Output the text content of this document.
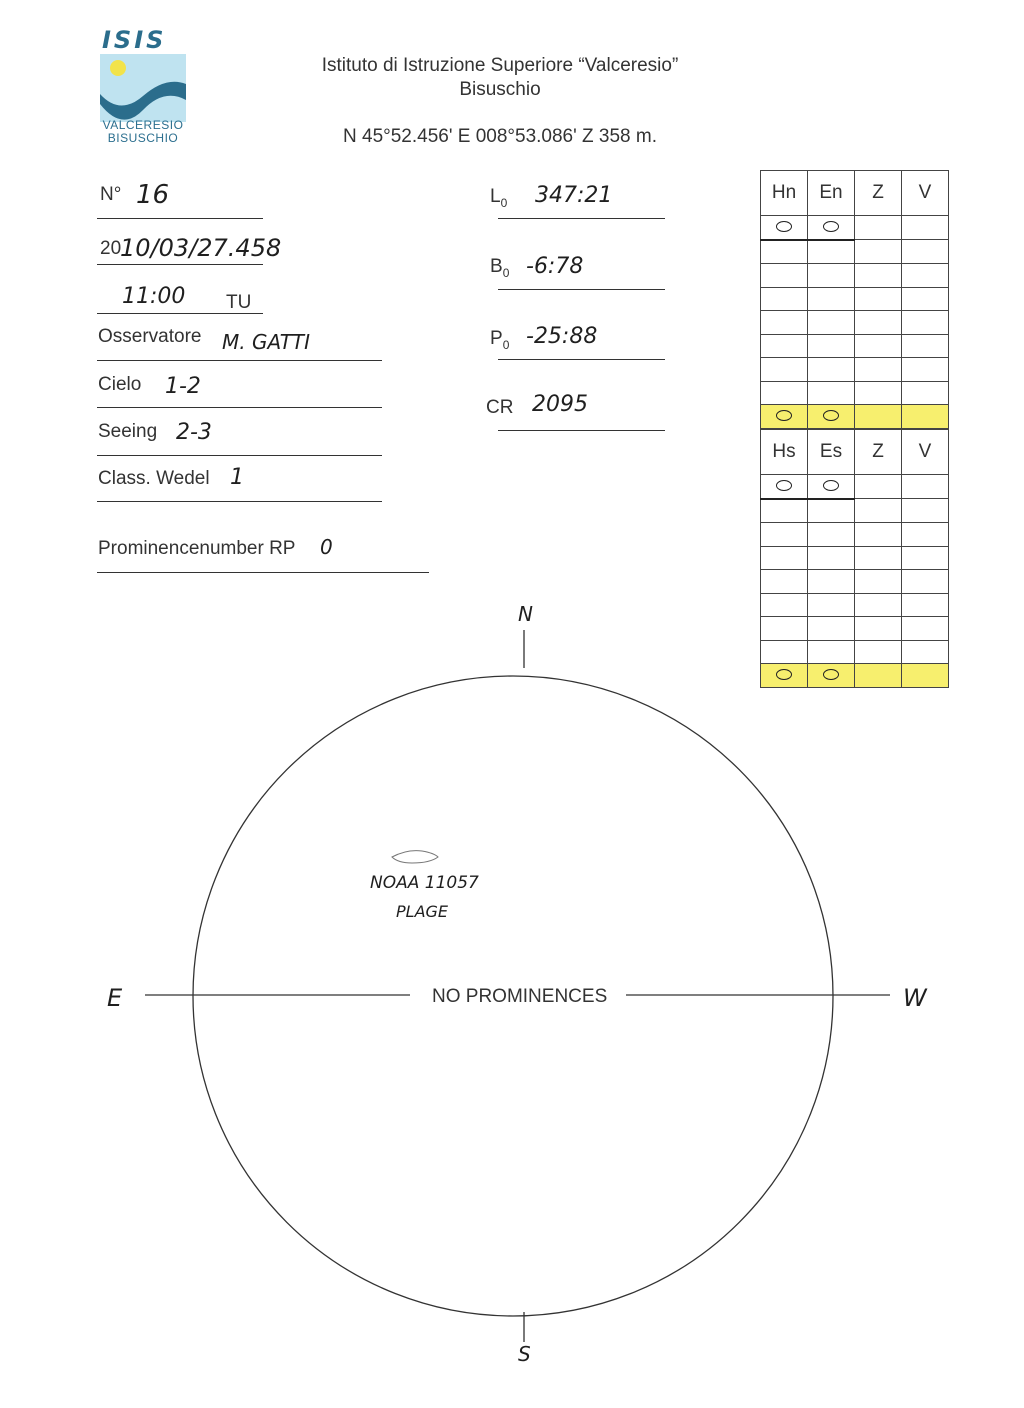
ISIS
VALCERESIO
BISUSCHIO
Istituto di Istruzione Superiore “Valceresio”
Bisuschio
N 45°52.456' E 008°53.086' Z 358 m.
N° 16
20
10/03/27.458
11:00 TU
Osservatore M. GATTI
Cielo 1-2
Seeing 2-3
Class. Wedel 1
Prominencenumber RP 0
$L_0$ 347:21
$B_0$ -6:78
$P_0$ -25:88
CR 2095
Hn	En	Z	V

Hs	Es	Z	V

N
S
E	W
NO PROMINENCES
NOAA 11057
PLAGE
